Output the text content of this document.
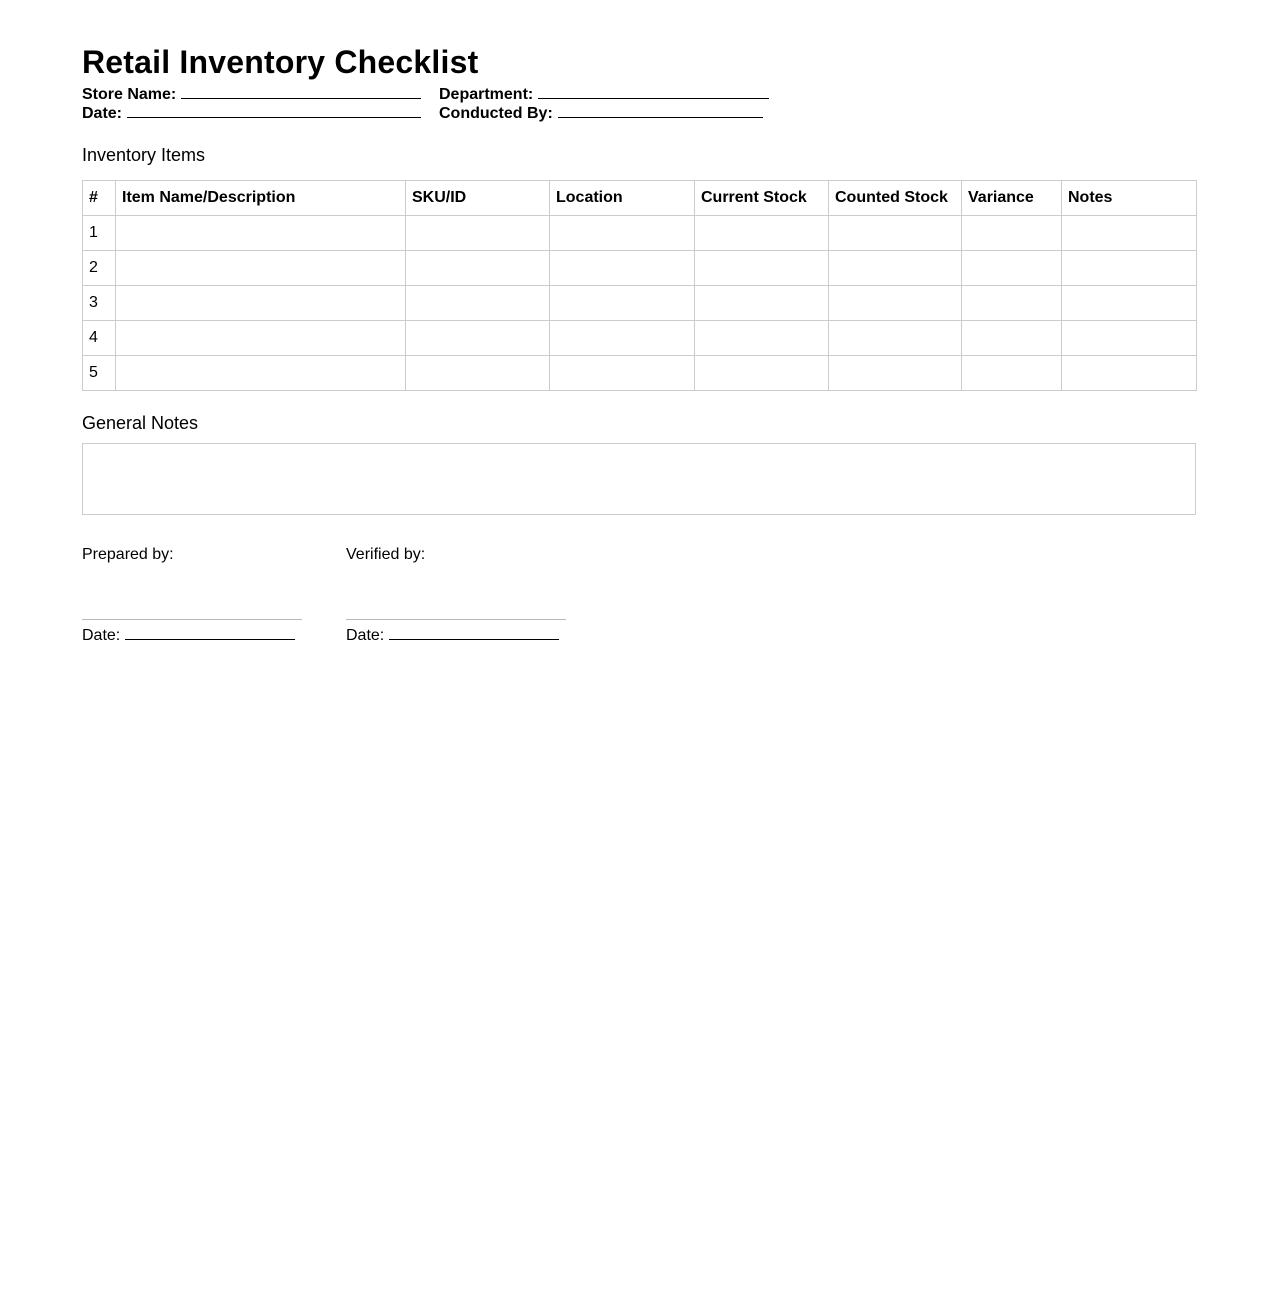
Retail Inventory Checklist
Store Name:	Department:
Date:	Conducted By:
Inventory Items
#	Item Name/Description	SKU/ID	Location	Current Stock	Counted Stock	Variance	Notes
1							
2							
3							
4							
5							
General Notes
Prepared by:
Date:
Verified by:
Date:
